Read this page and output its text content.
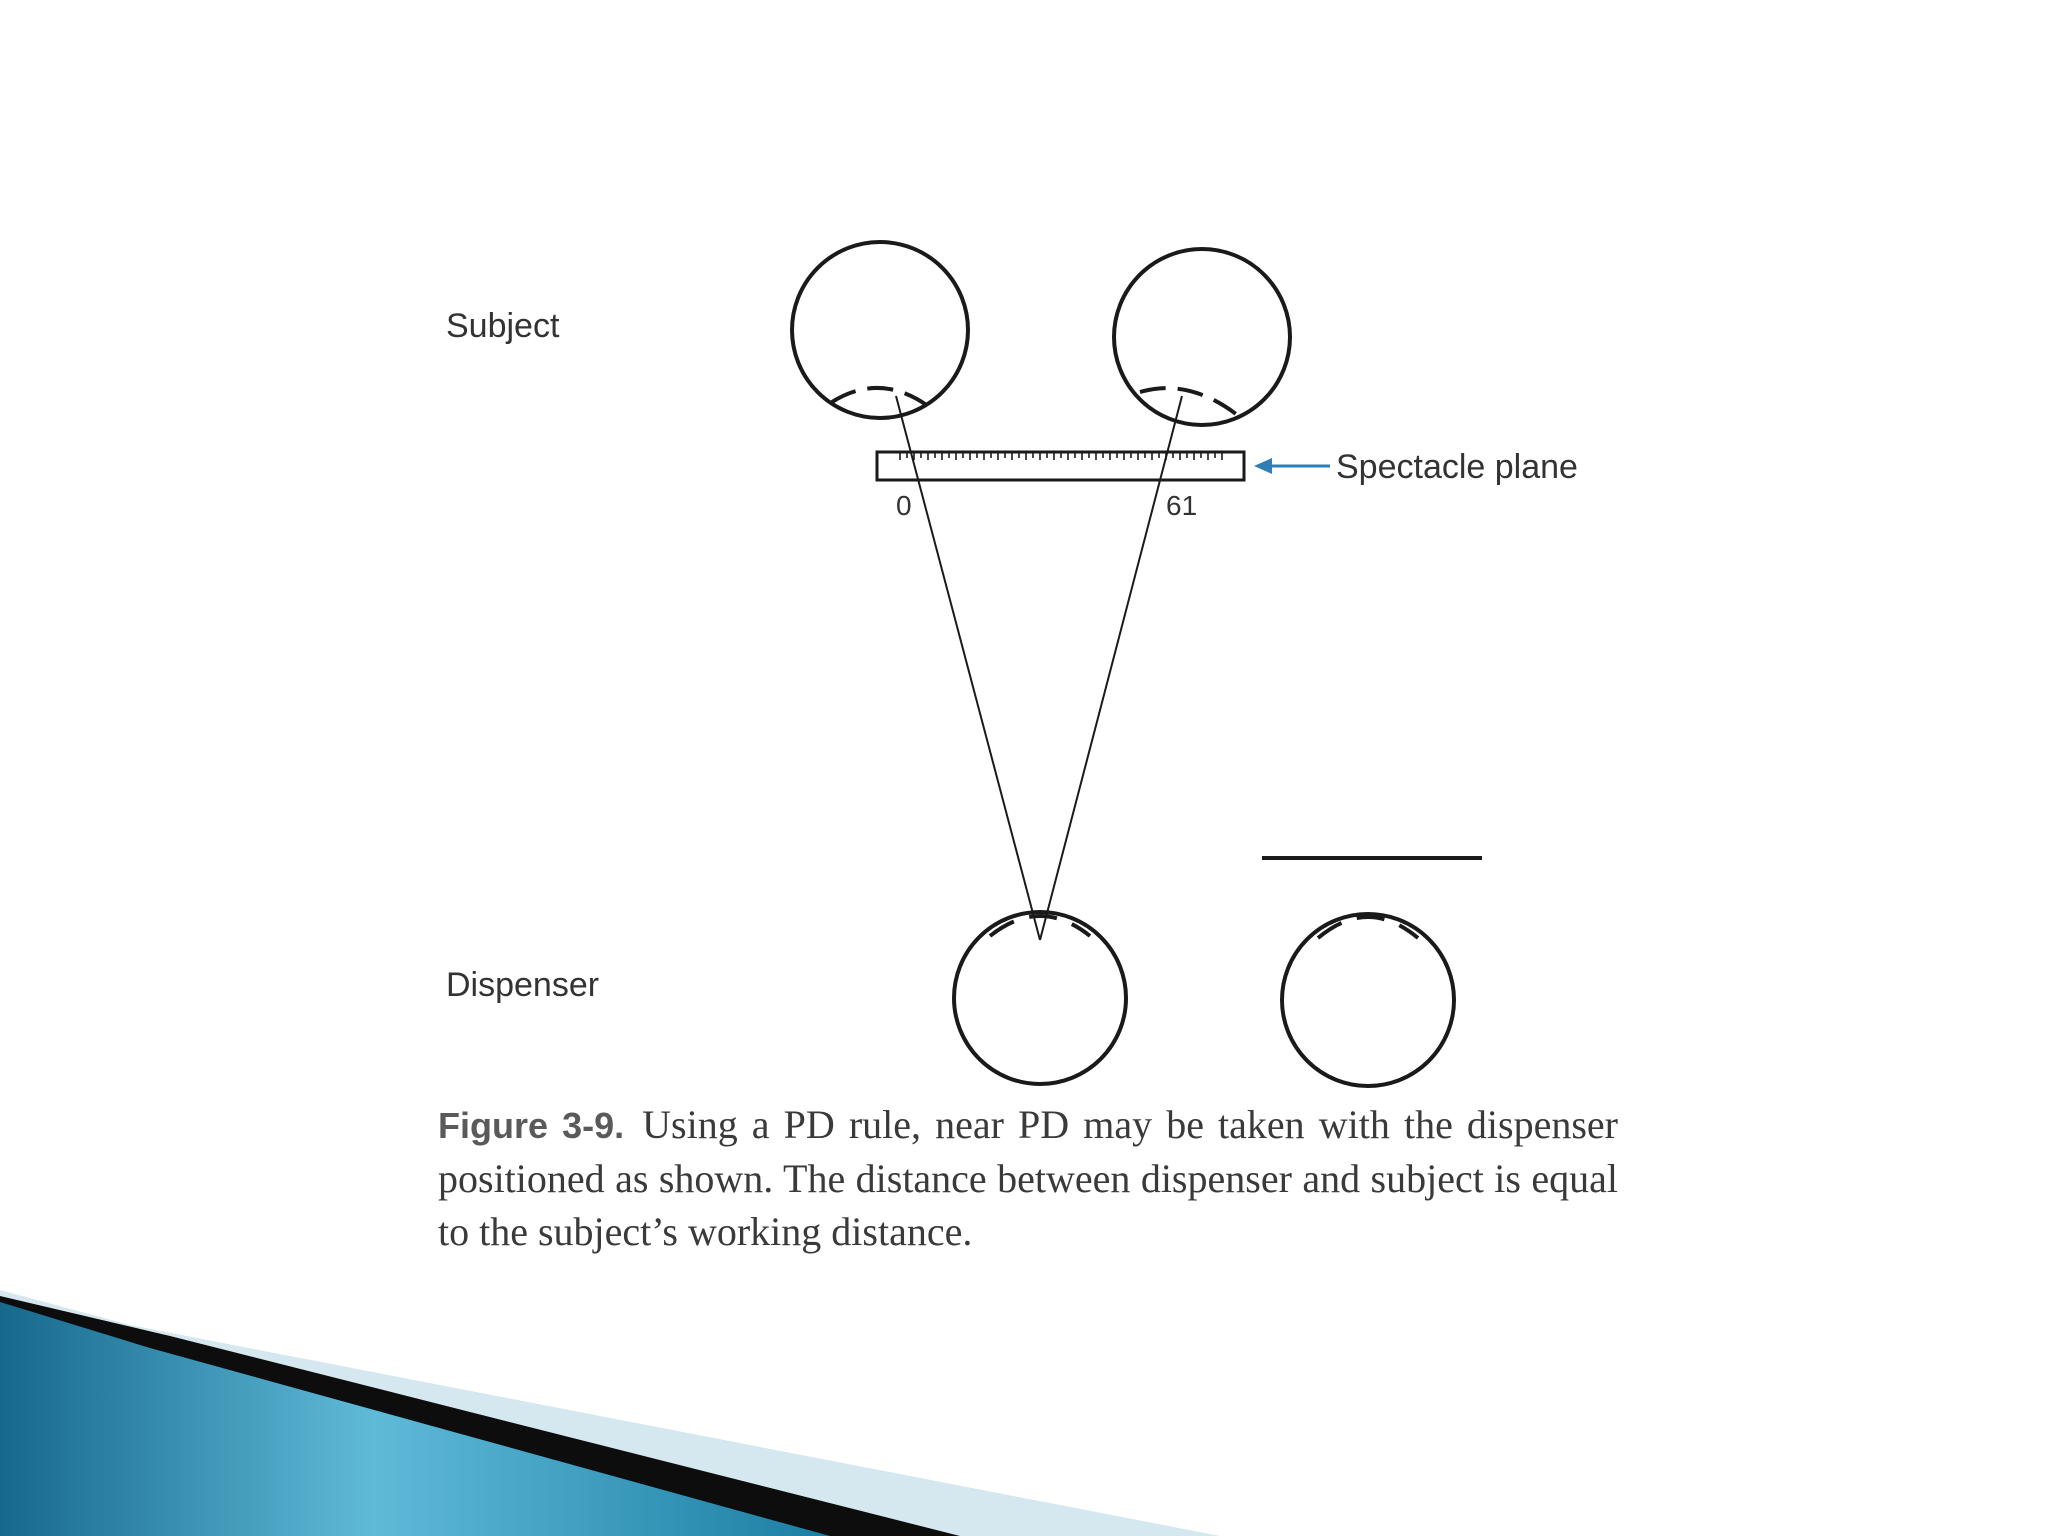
Subject
Dispenser
0	61
Spectacle plane
Figure 3-9. Using a PD rule, near PD may be taken with the dispenser positioned as shown. The distance between dispenser and subject is equal to the subject’s working distance.
